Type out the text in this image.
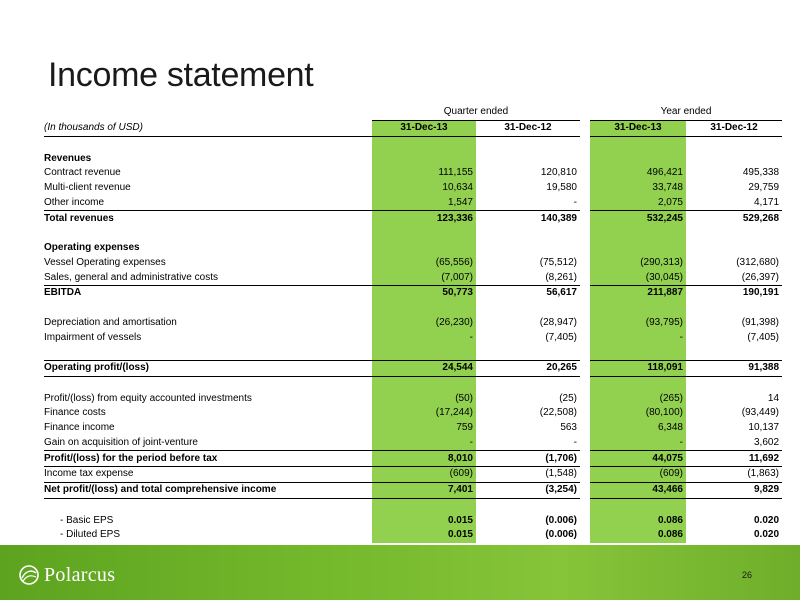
Income statement
	Quarter ended			Year ended	
(In thousands of USD)	31-Dec-13	31-Dec-12		31-Dec-13	31-Dec-12

Revenues					
Contract revenue	111,155	120,810		496,421	495,338
Multi-client revenue	10,634	19,580		33,748	29,759
Other income	1,547	-		2,075	4,171
Total revenues	123,336	140,389		532,245	529,268

Operating expenses					
Vessel Operating expenses	(65,556)	(75,512)		(290,313)	(312,680)
Sales, general and administrative costs	(7,007)	(8,261)		(30,045)	(26,397)
EBITDA	50,773	56,617		211,887	190,191

Depreciation and amortisation	(26,230)	(28,947)		(93,795)	(91,398)
Impairment of vessels	-	(7,405)		-	(7,405)

Operating profit/(loss)	24,544	20,265		118,091	91,388

Profit/(loss) from equity accounted investments	(50)	(25)		(265)	14
Finance costs	(17,244)	(22,508)		(80,100)	(93,449)
Finance income	759	563		6,348	10,137
Gain on acquisition of joint-venture	-	-		-	3,602
Profit/(loss) for the period before tax	8,010	(1,706)		44,075	11,692
Income tax expense	(609)	(1,548)		(609)	(1,863)
Net profit/(loss) and total comprehensive income	7,401	(3,254)		43,466	9,829

- Basic EPS	0.015	(0.006)		0.086	0.020
- Diluted EPS	0.015	(0.006)		0.086	0.020
Polarcus	26
